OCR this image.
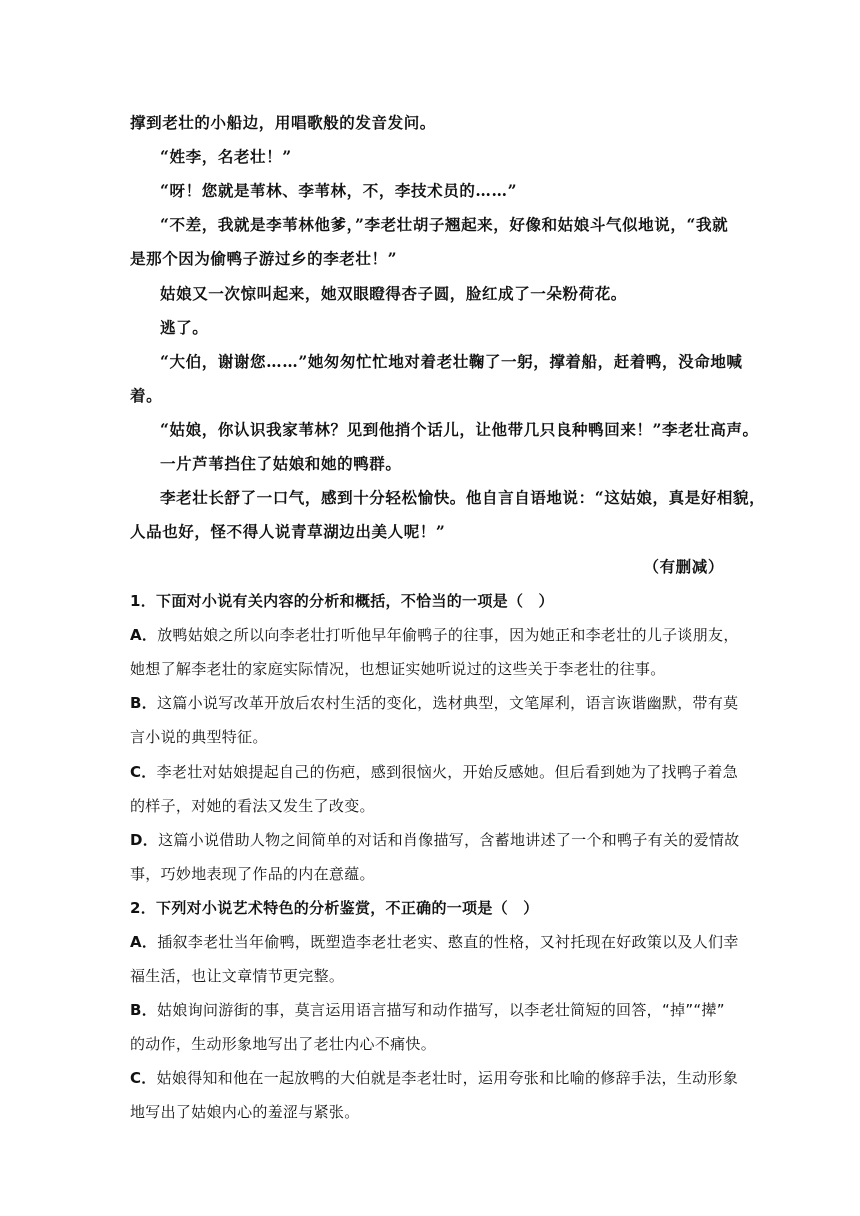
撑到老壮的小船边，用唱歌般的发音发问。
“姓李，名老壮！”
“呀！您就是苇林、李苇林，不，李技术员的……”
“不差，我就是李苇林他爹，”李老壮胡子翘起来，好像和姑娘斗气似地说，“我就
是那个因为偷鸭子游过乡的李老壮！”
姑娘又一次惊叫起来，她双眼瞪得杏子圆，脸红成了一朵粉荷花。
逃了。
“大伯，谢谢您……”她匆匆忙忙地对着老壮鞠了一躬，撑着船，赶着鸭，没命地喊
着。
“姑娘，你认识我家苇林？见到他捎个话儿，让他带几只良种鸭回来！”李老壮高声。
一片芦苇挡住了姑娘和她的鸭群。
李老壮长舒了一口气，感到十分轻松愉快。他自言自语地说：“这姑娘，真是好相貌，
人品也好，怪不得人说青草湖边出美人呢！”
（有删减）
1．下面对小说有关内容的分析和概括，不恰当的一项是（　）
A．放鸭姑娘之所以向李老壮打听他早年偷鸭子的往事，因为她正和李老壮的儿子谈朋友，
她想了解李老壮的家庭实际情况，也想证实她听说过的这些关于李老壮的往事。
B．这篇小说写改革开放后农村生活的变化，选材典型，文笔犀利，语言诙谐幽默，带有莫
言小说的典型特征。
C．李老壮对姑娘提起自己的伤疤，感到很恼火，开始反感她。但后看到她为了找鸭子着急
的样子，对她的看法又发生了改变。
D．这篇小说借助人物之间简单的对话和肖像描写，含蓄地讲述了一个和鸭子有关的爱情故
事，巧妙地表现了作品的内在意蕴。
2．下列对小说艺术特色的分析鉴赏，不正确的一项是（　）
A．插叙李老壮当年偷鸭，既塑造李老壮老实、憨直的性格，又衬托现在好政策以及人们幸
福生活，也让文章情节更完整。
B．姑娘询问游街的事，莫言运用语言描写和动作描写，以李老壮简短的回答，“掉”“撵”
的动作，生动形象地写出了老壮内心不痛快。
C．姑娘得知和他在一起放鸭的大伯就是李老壮时，运用夸张和比喻的修辞手法，生动形象
地写出了姑娘内心的羞涩与紧张。
